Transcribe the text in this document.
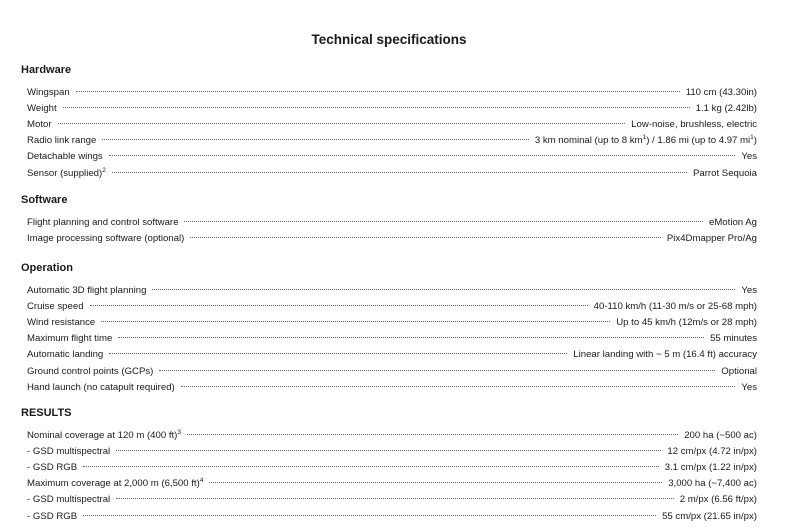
Technical specifications
Hardware
Wingspan	110 cm (43.30in)
Weight	1.1 kg (2.42lb)
Motor	Low-noise, brushless, electric
Radio link range	3 km nominal (up to 8 $km^1) / 1.86$ mi (up to 4.97 $mi^1$)
Detachable wings	Yes
Sensor (supplied)$^2$	Parrot Sequoia
Software
Flight planning and control software	eMotion Ag
Image processing software (optional)	Pix4Dmapper Pro/Ag
Operation
Automatic 3D flight planning	Yes
Cruise speed	40-110 km/h (11-30 m/s or 25-68 mph)
Wind resistance	Up to 45 km/h (12m/s or 28 mph)
Maximum flight time	55 minutes
Automatic landing	Linear landing with ~ 5 m (16.4 ft) accuracy
Ground control points (GCPs)	Optional
Hand launch (no catapult required)	Yes
RESULTS
Nominal coverage at 120 m (400 ft)$^3$	200 ha (~500 ac)
- GSD multispectral	12 cm/px (4.72 in/px)
- GSD RGB	3.1 cm/px (1.22 in/px)
Maximum coverage at 2,000 m (6,500 ft)$^4$	3,000 ha (~7,400 ac)
- GSD multispectral	2 m/px (6.56 ft/px)
- GSD RGB	55 cm/px (21.65 in/px)
